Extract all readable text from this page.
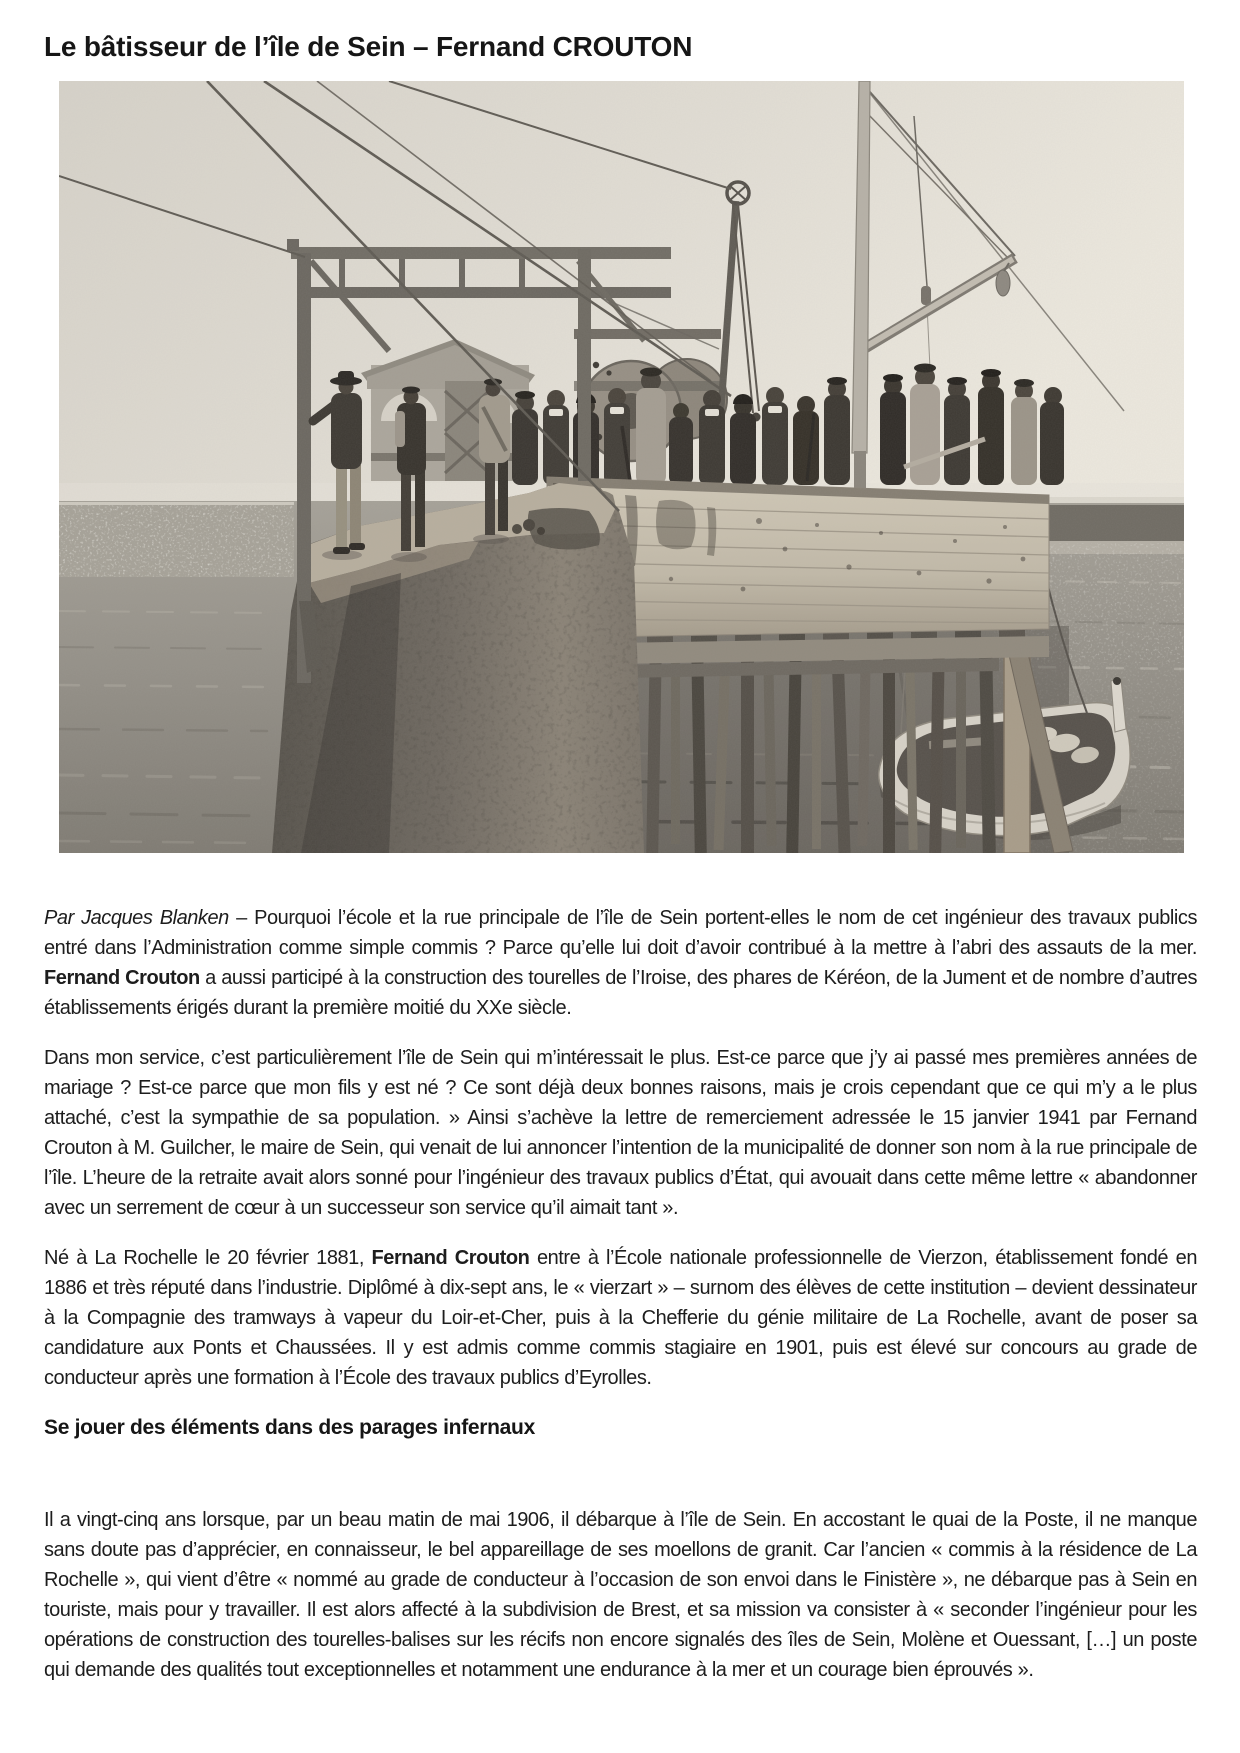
Le bâtisseur de l’île de Sein – Fernand CROUTON

Par Jacques Blanken – Pourquoi l’école et la rue principale de l’île de Sein portent-elles le nom de cet ingénieur des travaux publics entré dans l’Administration comme simple commis ? Parce qu’elle lui doit d’avoir contribué à la mettre à l’abri des assauts de la mer. Fernand Crouton a aussi participé à la construction des tourelles de l’Iroise, des phares de Kéréon, de la Jument et de nombre d’autres établissements érigés durant la première moitié du XXe siècle.

Dans mon service, c’est particulièrement l’île de Sein qui m’intéressait le plus. Est-ce parce que j’y ai passé mes premières années de mariage ? Est-ce parce que mon fils y est né ? Ce sont déjà deux bonnes raisons, mais je crois cependant que ce qui m’y a le plus attaché, c’est la sympathie de sa population. » Ainsi s’achève la lettre de remerciement adressée le 15 janvier 1941 par Fernand Crouton à M. Guilcher, le maire de Sein, qui venait de lui annoncer l’intention de la municipalité de donner son nom à la rue principale de l’île. L’heure de la retraite avait alors sonné pour l’ingénieur des travaux publics d’État, qui avouait dans cette même lettre « abandonner avec un serrement de cœur à un successeur son service qu’il aimait tant ».

Né à La Rochelle le 20 février 1881, Fernand Crouton entre à l’École nationale professionnelle de Vierzon, établissement fondé en 1886 et très réputé dans l’industrie. Diplômé à dix-sept ans, le « vierzart » – surnom des élèves de cette institution – devient dessinateur à la Compagnie des tramways à vapeur du Loir-et-Cher, puis à la Chefferie du génie militaire de La Rochelle, avant de poser sa candidature aux Ponts et Chaussées. Il y est admis comme commis stagiaire en 1901, puis est élevé sur concours au grade de conducteur après une formation à l’École des travaux publics d’Eyrolles.

Se jouer des éléments dans des parages infernaux

Il a vingt-cinq ans lorsque, par un beau matin de mai 1906, il débarque à l’île de Sein. En accostant le quai de la Poste, il ne manque sans doute pas d’apprécier, en connaisseur, le bel appareillage de ses moellons de granit. Car l’ancien « commis à la résidence de La Rochelle », qui vient d’être « nommé au grade de conducteur à l’occasion de son envoi dans le Finistère », ne débarque pas à Sein en touriste, mais pour y travailler. Il est alors affecté à la subdivision de Brest, et sa mission va consister à « seconder l’ingénieur pour les opérations de construction des tourelles-balises sur les récifs non encore signalés des îles de Sein, Molène et Ouessant, […] un poste qui demande des qualités tout exceptionnelles et notamment une endurance à la mer et un courage bien éprouvés ».
